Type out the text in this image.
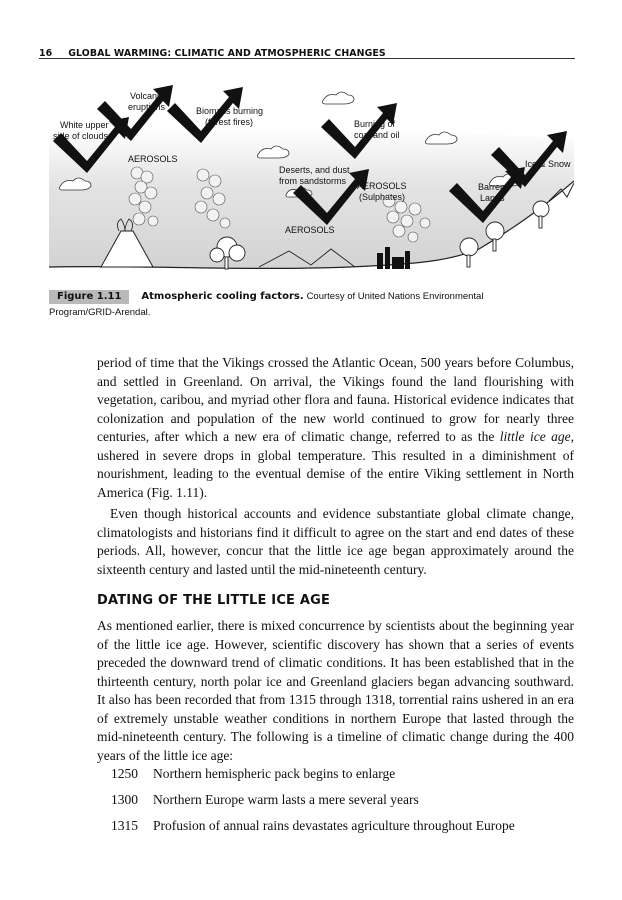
16 GLOBAL WARMING: CLIMATIC AND ATMOSPHERIC CHANGES
Volcanic
eruptions	Biomass burning
(forest fires)
White upper
side of clouds
AEROSOLS
Burning of
coal and oil
Deserts, and dust
from sandstorms AEROSOLS
(Sulphates)
AEROSOLS
Ice & Snow
Barren
Lands
Figure 1.11 Atmospheric cooling factors. Courtesy of United Nations Environmental
Program/GRID-Arendal.
period of time that the Vikings crossed the Atlantic Ocean, 500 years before Columbus, and settled in Greenland. On arrival, the Vikings found the land flourishing with vegetation, caribou, and myriad other flora and fauna. Historical evidence indicates that colonization and population of the new world continued to grow for nearly three centuries, after which a new era of climatic change, referred to as the little ice age, ushered in severe drops in global temperature. This resulted in a diminishment of nourishment, leading to the eventual demise of the entire Viking settlement in North America (Fig. 1.11).
Even though historical accounts and evidence substantiate global climate change, climatologists and historians find it difficult to agree on the start and end dates of these periods. All, however, concur that the little ice age began approximately around the sixteenth century and lasted until the mid-nineteenth century.
DATING OF THE LITTLE ICE AGE
As mentioned earlier, there is mixed concurrence by scientists about the beginning year of the little ice age. However, scientific discovery has shown that a series of events preceded the downward trend of climatic conditions. It has been established that in the thirteenth century, north polar ice and Greenland glaciers began advancing southward. It also has been recorded that from 1315 through 1318, torrential rains ushered in an era of extremely unstable weather conditions in northern Europe that lasted through the mid-nineteenth century. The following is a timeline of climatic change during the 400 years of the little ice age:
1250	Northern hemispheric pack begins to enlarge
1300	Northern Europe warm lasts a mere several years
1315	Profusion of annual rains devastates agriculture throughout Europe
